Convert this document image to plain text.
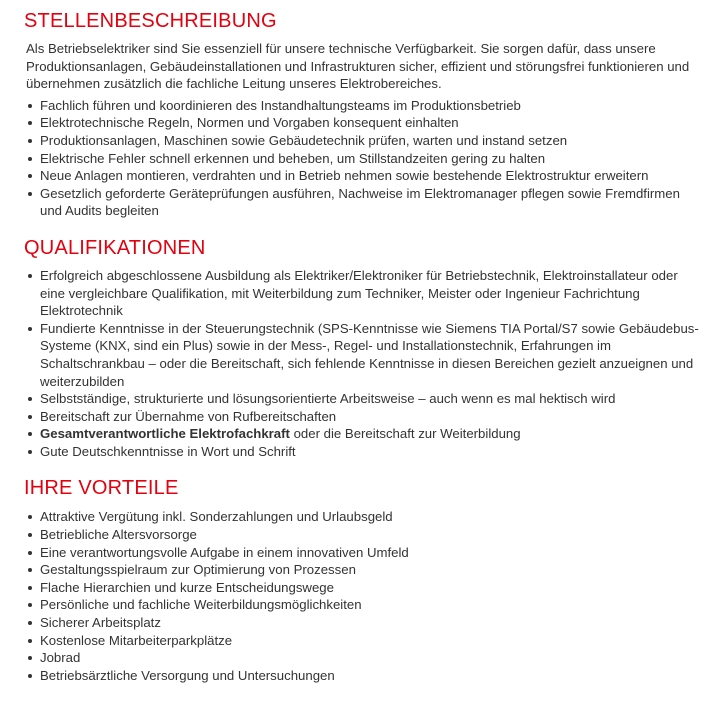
STELLENBESCHREIBUNG

Als Betriebselektriker sind Sie essenziell für unsere technische Verfügbarkeit. Sie sorgen dafür, dass unsere Produktionsanlagen, Gebäudeinstallationen und Infrastrukturen sicher, effizient und störungsfrei funktionieren und übernehmen zusätzlich die fachliche Leitung unseres Elektrobereiches.

Fachlich führen und koordinieren des Instandhaltungsteams im Produktionsbetrieb
Elektrotechnische Regeln, Normen und Vorgaben konsequent einhalten
Produktionsanlagen, Maschinen sowie Gebäudetechnik prüfen, warten und instand setzen
Elektrische Fehler schnell erkennen und beheben, um Stillstandzeiten gering zu halten
Neue Anlagen montieren, verdrahten und in Betrieb nehmen sowie bestehende Elektrostruktur erweitern
Gesetzlich geforderte Geräteprüfungen ausführen, Nachweise im Elektromanager pflegen sowie Fremdfirmen und Audits begleiten
QUALIFIKATIONEN
Erfolgreich abgeschlossene Ausbildung als Elektriker/Elektroniker für Betriebstechnik, Elektroinstallateur oder eine vergleichbare Qualifikation, mit Weiterbildung zum Techniker, Meister oder Ingenieur Fachrichtung Elektrotechnik
Fundierte Kenntnisse in der Steuerungstechnik (SPS-Kenntnisse wie Siemens TIA Portal/S7 sowie Gebäudebus-Systeme (KNX, sind ein Plus) sowie in der Mess-, Regel- und Installationstechnik, Erfahrungen im Schaltschrankbau – oder die Bereitschaft, sich fehlende Kenntnisse in diesen Bereichen gezielt anzueignen und weiterzubilden
Selbstständige, strukturierte und lösungsorientierte Arbeitsweise – auch wenn es mal hektisch wird
Bereitschaft zur Übernahme von Rufbereitschaften
Gesamtverantwortliche Elektrofachkraft oder die Bereitschaft zur Weiterbildung
Gute Deutschkenntnisse in Wort und Schrift
IHRE VORTEILE
Attraktive Vergütung inkl. Sonderzahlungen und Urlaubsgeld
Betriebliche Altersvorsorge
Eine verantwortungsvolle Aufgabe in einem innovativen Umfeld
Gestaltungsspielraum zur Optimierung von Prozessen
Flache Hierarchien und kurze Entscheidungswege
Persönliche und fachliche Weiterbildungsmöglichkeiten
Sicherer Arbeitsplatz
Kostenlose Mitarbeiterparkplätze
Jobrad
Betriebsärztliche Versorgung und Untersuchungen
